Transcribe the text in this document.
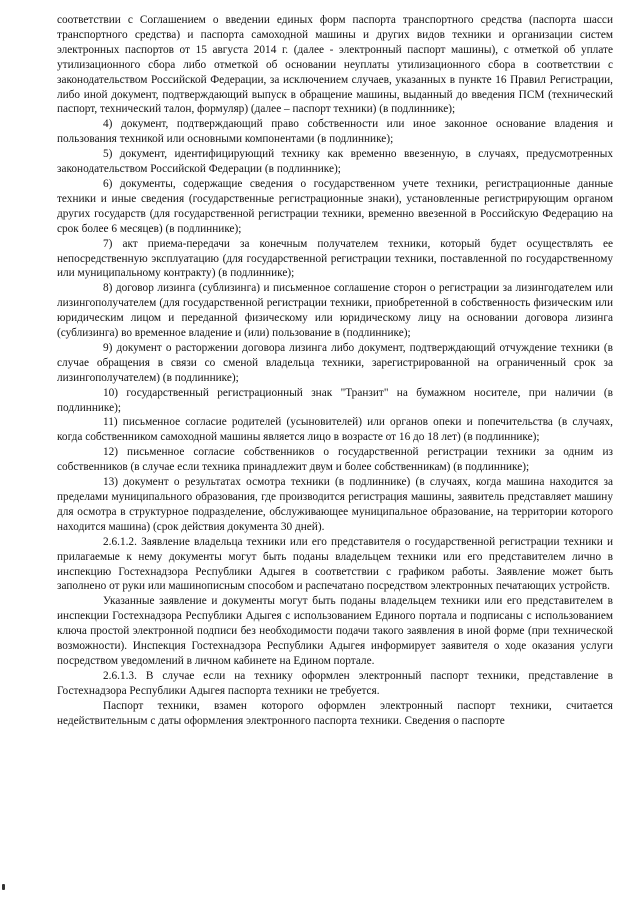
соответствии с Соглашением о введении единых форм паспорта транспортного средства (паспорта шасси транспортного средства) и паспорта самоходной машины и других видов техники и организации систем электронных паспортов от 15 августа 2014 г. (далее - электронный паспорт машины), с отметкой об уплате утилизационного сбора либо отметкой об основании неуплаты утилизационного сбора в соответствии с законодательством Российской Федерации, за исключением случаев, указанных в пункте 16 Правил Регистрации, либо иной документ, подтверждающий выпуск в обращение машины, выданный до введения ПСМ (технический паспорт, технический талон, формуляр) (далее – паспорт техники) (в подлиннике);

4) документ, подтверждающий право собственности или иное законное основание владения и пользования техникой или основными компонентами (в подлиннике);

5) документ, идентифицирующий технику как временно ввезенную, в случаях, предусмотренных законодательством Российской Федерации (в подлиннике);

6) документы, содержащие сведения о государственном учете техники, регистрационные данные техники и иные сведения (государственные регистрационные знаки), установленные регистрирующим органом других государств (для государственной регистрации техники, временно ввезенной в Российскую Федерацию на срок более 6 месяцев) (в подлиннике);

7) акт приема-передачи за конечным получателем техники, который будет осуществлять ее непосредственную эксплуатацию (для государственной регистрации техники, поставленной по государственному или муниципальному контракту) (в подлиннике);

8) договор лизинга (сублизинга) и письменное соглашение сторон о регистрации за лизингодателем или лизингополучателем (для государственной регистрации техники, приобретенной в собственность физическим или юридическим лицом и переданной физическому или юридическому лицу на основании договора лизинга (сублизинга) во временное владение и (или) пользование в (подлиннике);

9) документ о расторжении договора лизинга либо документ, подтверждающий отчуждение техники (в случае обращения в связи со сменой владельца техники, зарегистрированной на ограниченный срок за лизингополучателем) (в подлиннике);

10) государственный регистрационный знак "Транзит" на бумажном носителе, при наличии (в подлиннике);

11) письменное согласие родителей (усыновителей) или органов опеки и попечительства (в случаях, когда собственником самоходной машины является лицо в возрасте от 16 до 18 лет) (в подлиннике);

12) письменное согласие собственников о государственной регистрации техники за одним из собственников (в случае если техника принадлежит двум и более собственникам) (в подлиннике);

13) документ о результатах осмотра техники (в подлиннике) (в случаях, когда машина находится за пределами муниципального образования, где производится регистрация машины, заявитель представляет машину для осмотра в структурное подразделение, обслуживающее муниципальное образование, на территории которого находится машина) (срок действия документа 30 дней).

2.6.1.2. Заявление владельца техники или его представителя о государственной регистрации техники и прилагаемые к нему документы могут быть поданы владельцем техники или его представителем лично в инспекцию Гостехнадзора Республики Адыгея в соответствии с графиком работы. Заявление может быть заполнено от руки или машинописным способом и распечатано посредством электронных печатающих устройств.

Указанные заявление и документы могут быть поданы владельцем техники или его представителем в инспекции Гостехнадзора Республики Адыгея с использованием Единого портала и подписаны с использованием ключа простой электронной подписи без необходимости подачи такого заявления в иной форме (при технической возможности). Инспекция Гостехнадзора Республики Адыгея информирует заявителя о ходе оказания услуги посредством уведомлений в личном кабинете на Едином портале.

2.6.1.3. В случае если на технику оформлен электронный паспорт техники, представление в Гостехнадзора Республики Адыгея паспорта техники не требуется.

Паспорт техники, взамен которого оформлен электронный паспорт техники, считается недействительным с даты оформления электронного паспорта техники. Сведения о паспорте
